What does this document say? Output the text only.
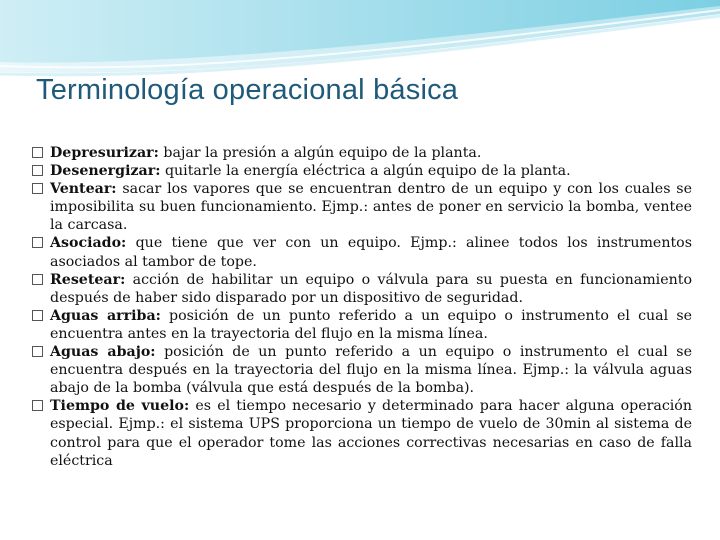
Terminología operacional básica
Depresurizar: bajar la presión a algún equipo de la planta.
Desenergizar: quitarle la energía eléctrica a algún equipo de la planta.
Ventear: sacar los vapores que se encuentran dentro de un equipo y con los cuales se imposibilita su buen funcionamiento. Ejmp.: antes de poner en servicio la bomba, ventee la carcasa.
Asociado: que tiene que ver con un equipo. Ejmp.: alinee todos los instrumentos asociados al tambor de tope.
Resetear: acción de habilitar un equipo o válvula para su puesta en funcionamiento después de haber sido disparado por un dispositivo de seguridad.
Aguas arriba: posición de un punto referido a un equipo o instrumento el cual se encuentra antes en la trayectoria del flujo en la misma línea.
Aguas abajo: posición de un punto referido a un equipo o instrumento el cual se encuentra después en la trayectoria del flujo en la misma línea. Ejmp.: la válvula aguas abajo de la bomba (válvula que está después de la bomba).
Tiempo de vuelo: es el tiempo necesario y determinado para hacer alguna operación especial. Ejmp.: el sistema UPS proporciona un tiempo de vuelo de 30min al sistema de control para que el operador tome las acciones correctivas necesarias en caso de falla eléctrica
